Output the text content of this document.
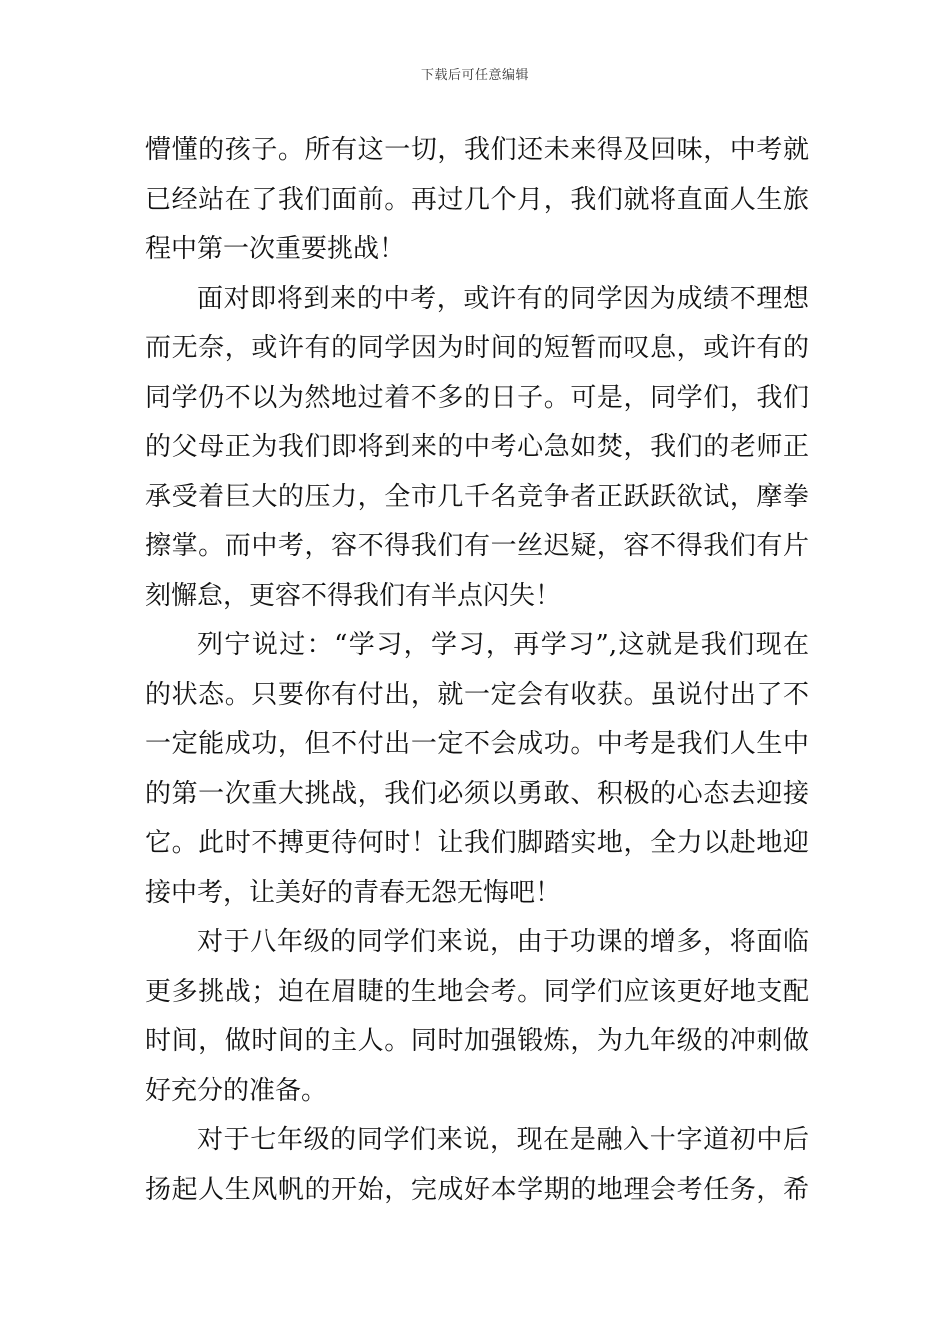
下载后可任意编辑
懵懂的孩子。所有这一切，我们还未来得及回味，中考就
已经站在了我们面前。再过几个月，我们就将直面人生旅
程中第一次重要挑战！
面对即将到来的中考，或许有的同学因为成绩不理想
而无奈，或许有的同学因为时间的短暂而叹息，或许有的
同学仍不以为然地过着不多的日子。可是，同学们，我们
的父母正为我们即将到来的中考心急如焚，我们的老师正
承受着巨大的压力，全市几千名竞争者正跃跃欲试，摩拳
擦掌。而中考，容不得我们有一丝迟疑，容不得我们有片
刻懈怠，更容不得我们有半点闪失！
列宁说过：“学习，学习，再学习”,这就是我们现在
的状态。只要你有付出，就一定会有收获。虽说付出了不
一定能成功，但不付出一定不会成功。中考是我们人生中
的第一次重大挑战，我们必须以勇敢、积极的心态去迎接
它。此时不搏更待何时！让我们脚踏实地，全力以赴地迎
接中考，让美好的青春无怨无悔吧！
对于八年级的同学们来说，由于功课的增多，将面临
更多挑战；迫在眉睫的生地会考。同学们应该更好地支配
时间，做时间的主人。同时加强锻炼，为九年级的冲刺做
好充分的准备。
对于七年级的同学们来说，现在是融入十字道初中后
扬起人生风帆的开始，完成好本学期的地理会考任务，希
